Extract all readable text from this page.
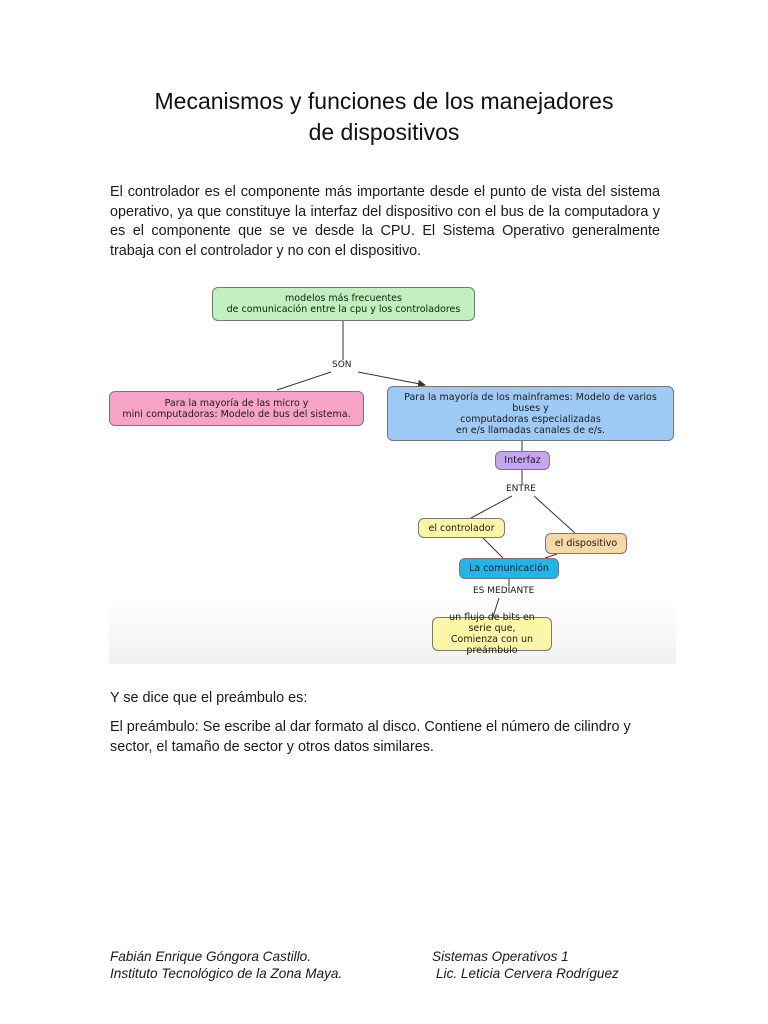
Mecanismos y funciones de los manejadores
de dispositivos

El controlador es el componente más importante desde el punto de vista del sistema operativo, ya que constituye la interfaz del dispositivo con el bus de la computadora y es el componente que se ve desde la CPU. El Sistema Operativo generalmente trabaja con el controlador y no con el dispositivo.

modelos más frecuentes
de comunicación entre la cpu y los controladores
SON
Para la mayoría de las micro y
mini computadoras: Modelo de bus del sistema.
Para la mayoría de los mainframes: Modelo de varios
buses y
computadoras especializadas
en e/s llamadas canales de e/s.
Interfaz
ENTRE
el controlador
el dispositivo
La comunicación
ES MEDIANTE
un flujo de bits en serie que,
Comienza con un preámbulo

Y se dice que el preámbulo es:

El preámbulo: Se escribe al dar formato al disco. Contiene el número de cilindro y sector, el tamaño de sector y otros datos similares.

Fabián Enrique Góngora Castillo.
Instituto Tecnológico de la Zona Maya.
Sistemas Operativos 1
Lic. Leticia Cervera Rodríguez
